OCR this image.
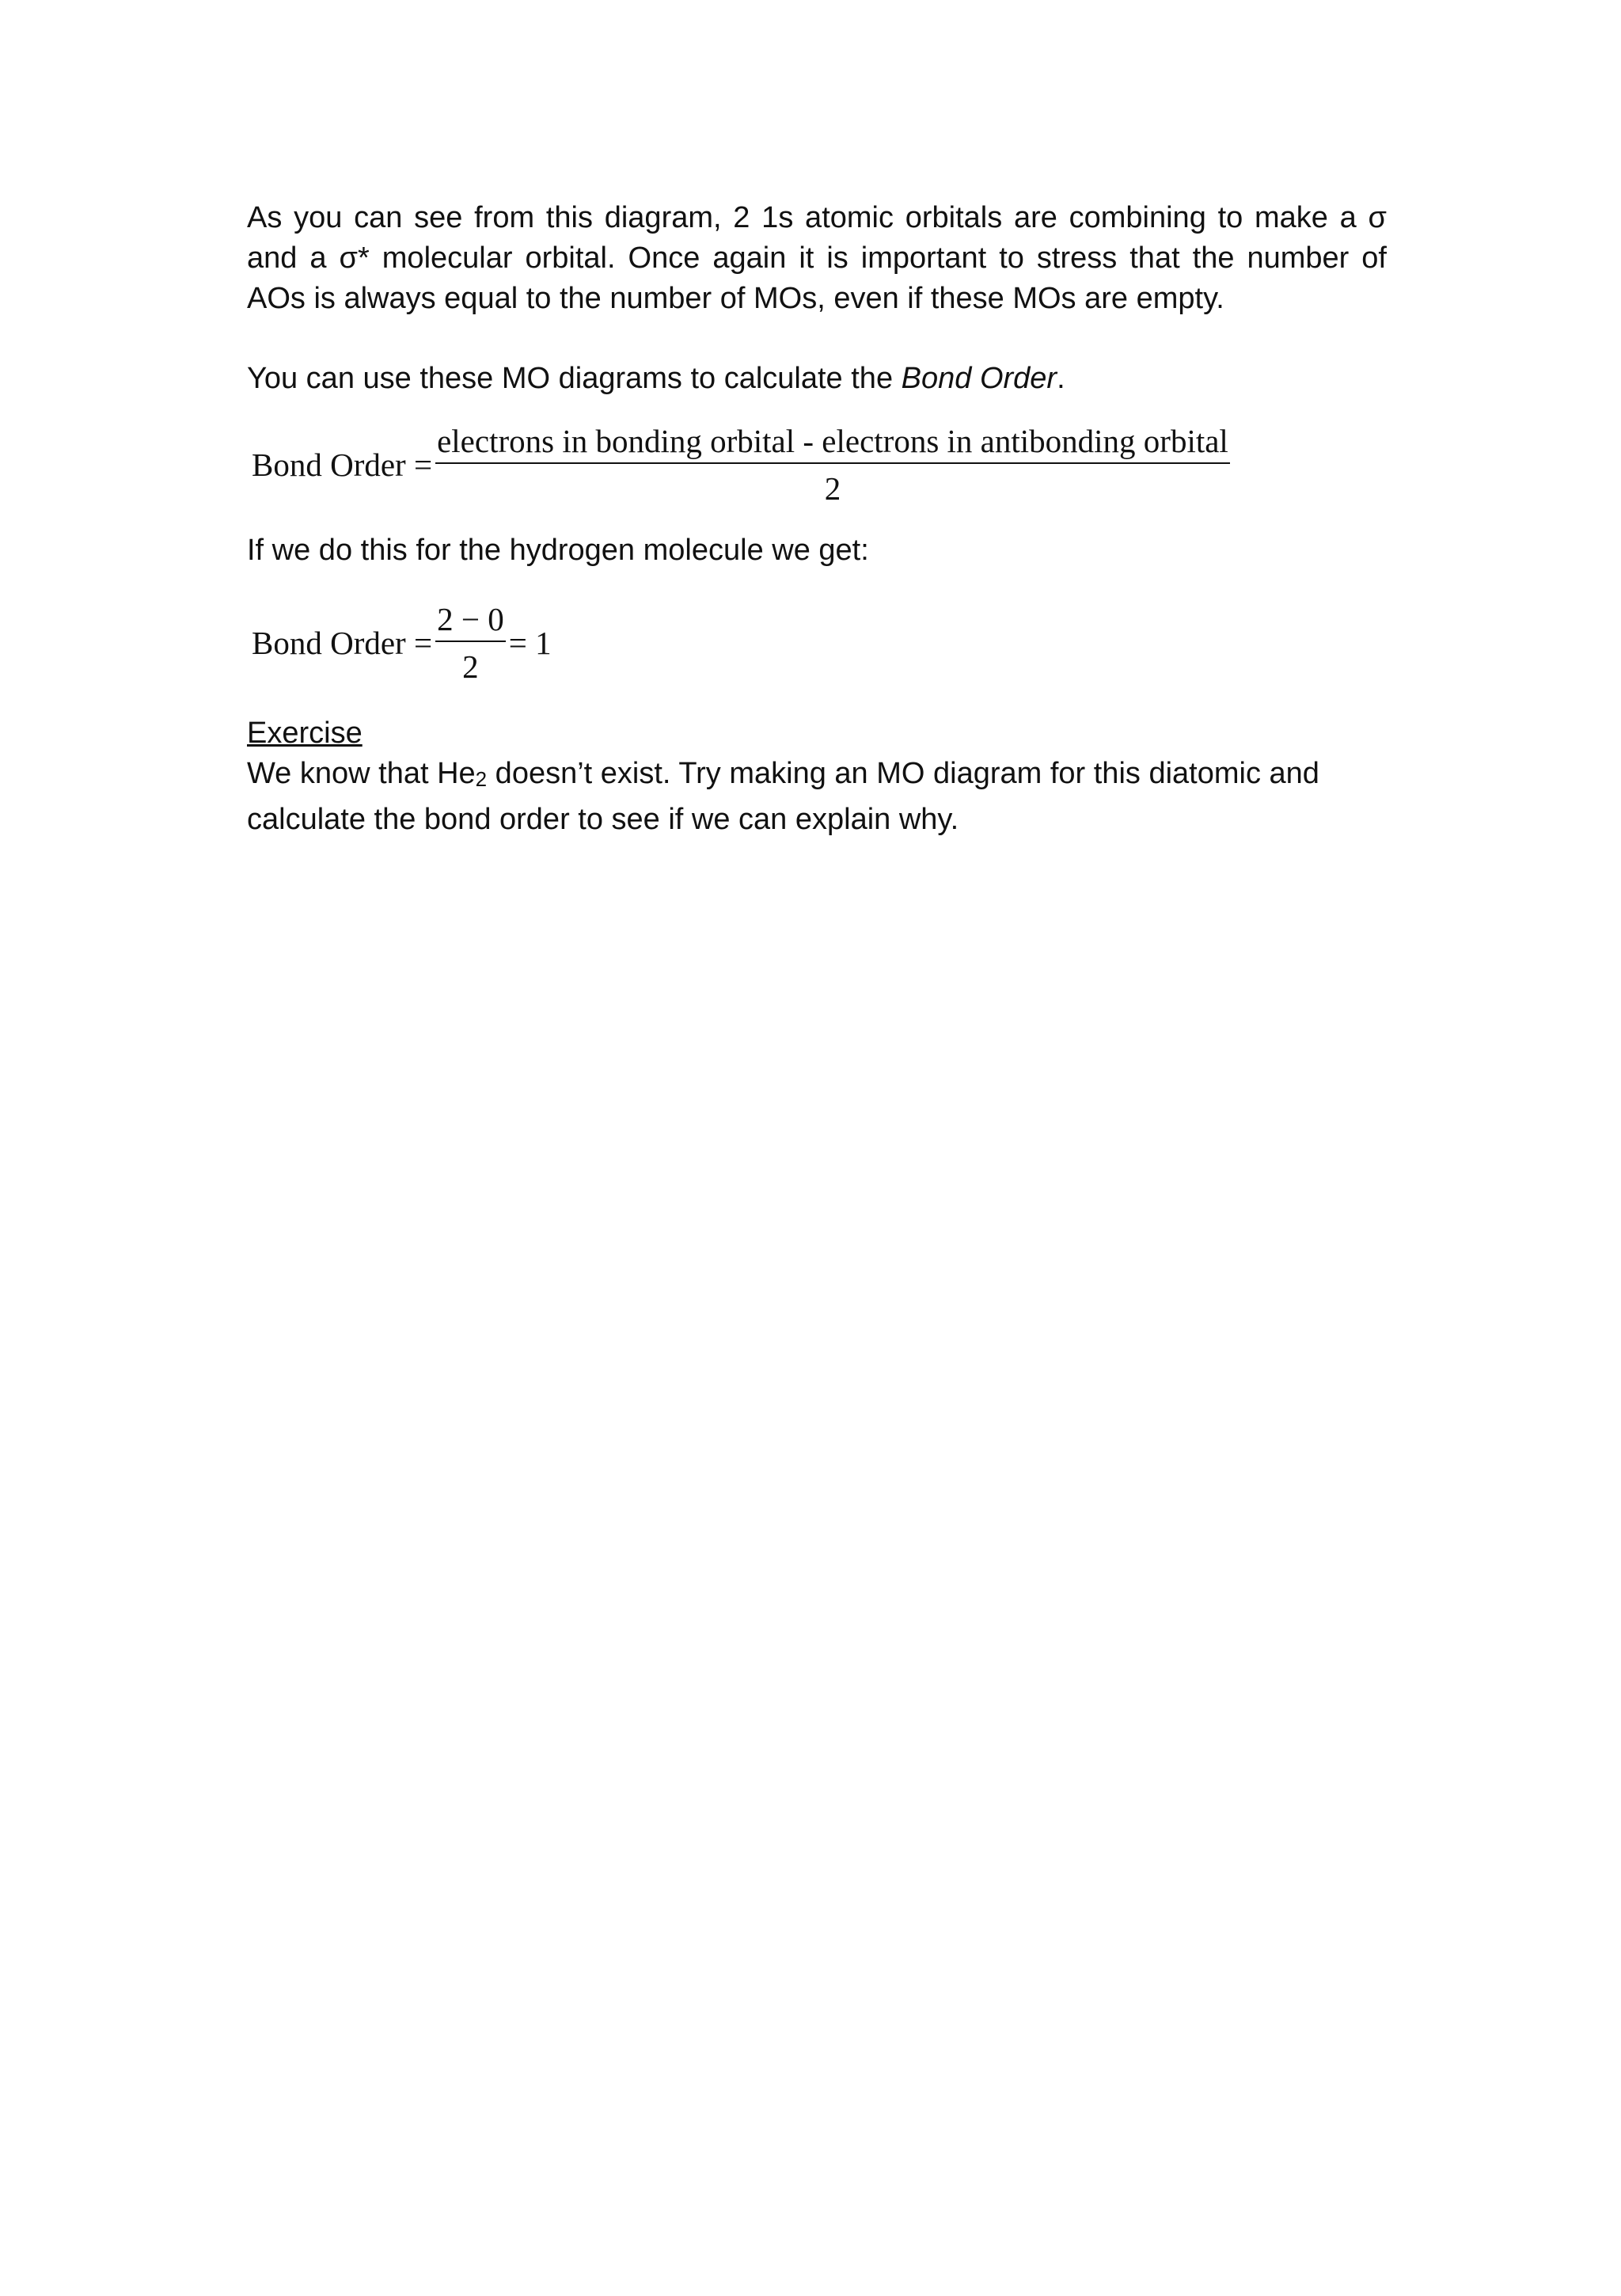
As you can see from this diagram, 2 1s atomic orbitals are combining to make a σ and a σ* molecular orbital. Once again it is important to stress that the number of AOs is always equal to the number of MOs, even if these MOs are empty.

You can use these MO diagrams to calculate the Bond Order.

Bond Order =
electrons in bonding orbital - electrons in antibonding orbital
2

If we do this for the hydrogen molecule we get:

Bond Order = $\frac{2 - 0}{2} = 1$

Exercise

We know that $He_2$ doesn’t exist. Try making an MO diagram for this diatomic and calculate the bond order to see if we can explain why.
